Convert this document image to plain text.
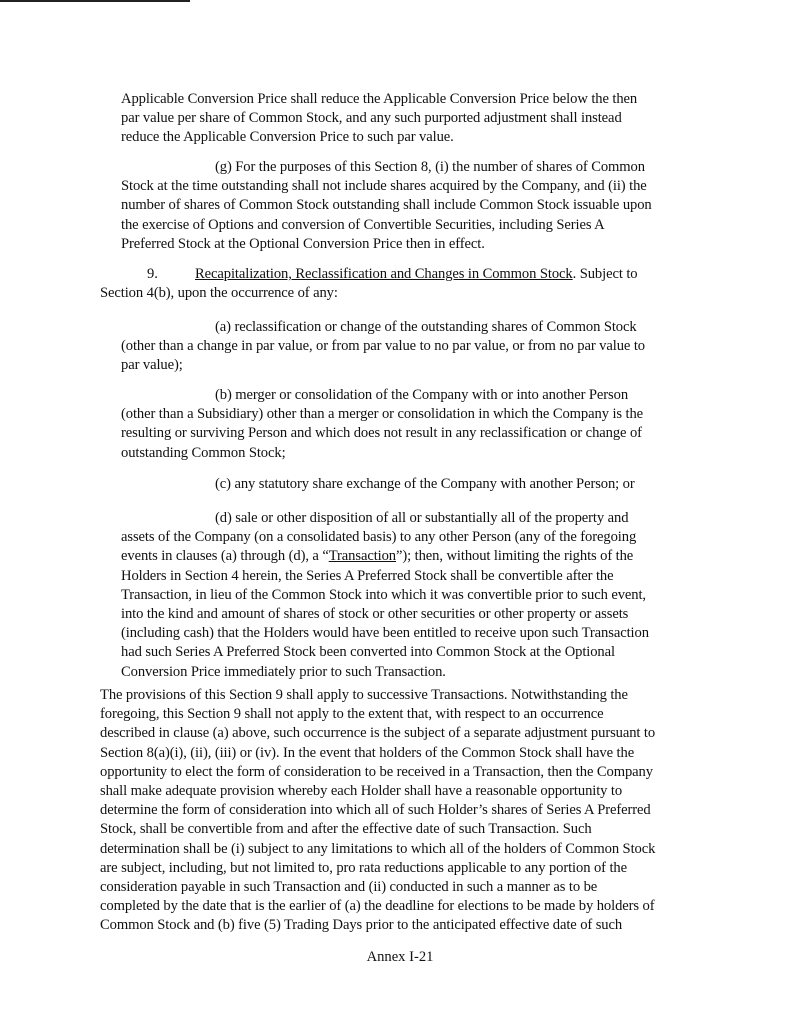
Applicable Conversion Price shall reduce the Applicable Conversion Price below the then
par value per share of Common Stock, and any such purported adjustment shall instead
reduce the Applicable Conversion Price to such par value.

(g) For the purposes of this Section 8, (i) the number of shares of Common
Stock at the time outstanding shall not include shares acquired by the Company, and (ii) the
number of shares of Common Stock outstanding shall include Common Stock issuable upon
the exercise of Options and conversion of Convertible Securities, including Series A
Preferred Stock at the Optional Conversion Price then in effect.

9.	Recapitalization, Reclassification and Changes in Common Stock. Subject to
Section 4(b), upon the occurrence of any:

(a) reclassification or change of the outstanding shares of Common Stock
(other than a change in par value, or from par value to no par value, or from no par value to
par value);

(b) merger or consolidation of the Company with or into another Person
(other than a Subsidiary) other than a merger or consolidation in which the Company is the
resulting or surviving Person and which does not result in any reclassification or change of
outstanding Common Stock;

(c) any statutory share exchange of the Company with another Person; or

(d) sale or other disposition of all or substantially all of the property and
assets of the Company (on a consolidated basis) to any other Person (any of the foregoing
events in clauses (a) through (d), a “Transaction”); then, without limiting the rights of the
Holders in Section 4 herein, the Series A Preferred Stock shall be convertible after the
Transaction, in lieu of the Common Stock into which it was convertible prior to such event,
into the kind and amount of shares of stock or other securities or other property or assets
(including cash) that the Holders would have been entitled to receive upon such Transaction
had such Series A Preferred Stock been converted into Common Stock at the Optional
Conversion Price immediately prior to such Transaction.

The provisions of this Section 9 shall apply to successive Transactions. Notwithstanding the
foregoing, this Section 9 shall not apply to the extent that, with respect to an occurrence
described in clause (a) above, such occurrence is the subject of a separate adjustment pursuant to
Section 8(a)(i), (ii), (iii) or (iv). In the event that holders of the Common Stock shall have the
opportunity to elect the form of consideration to be received in a Transaction, then the Company
shall make adequate provision whereby each Holder shall have a reasonable opportunity to
determine the form of consideration into which all of such Holder’s shares of Series A Preferred
Stock, shall be convertible from and after the effective date of such Transaction. Such
determination shall be (i) subject to any limitations to which all of the holders of Common Stock
are subject, including, but not limited to, pro rata reductions applicable to any portion of the
consideration payable in such Transaction and (ii) conducted in such a manner as to be
completed by the date that is the earlier of (a) the deadline for elections to be made by holders of
Common Stock and (b) five (5) Trading Days prior to the anticipated effective date of such

Annex I-21
